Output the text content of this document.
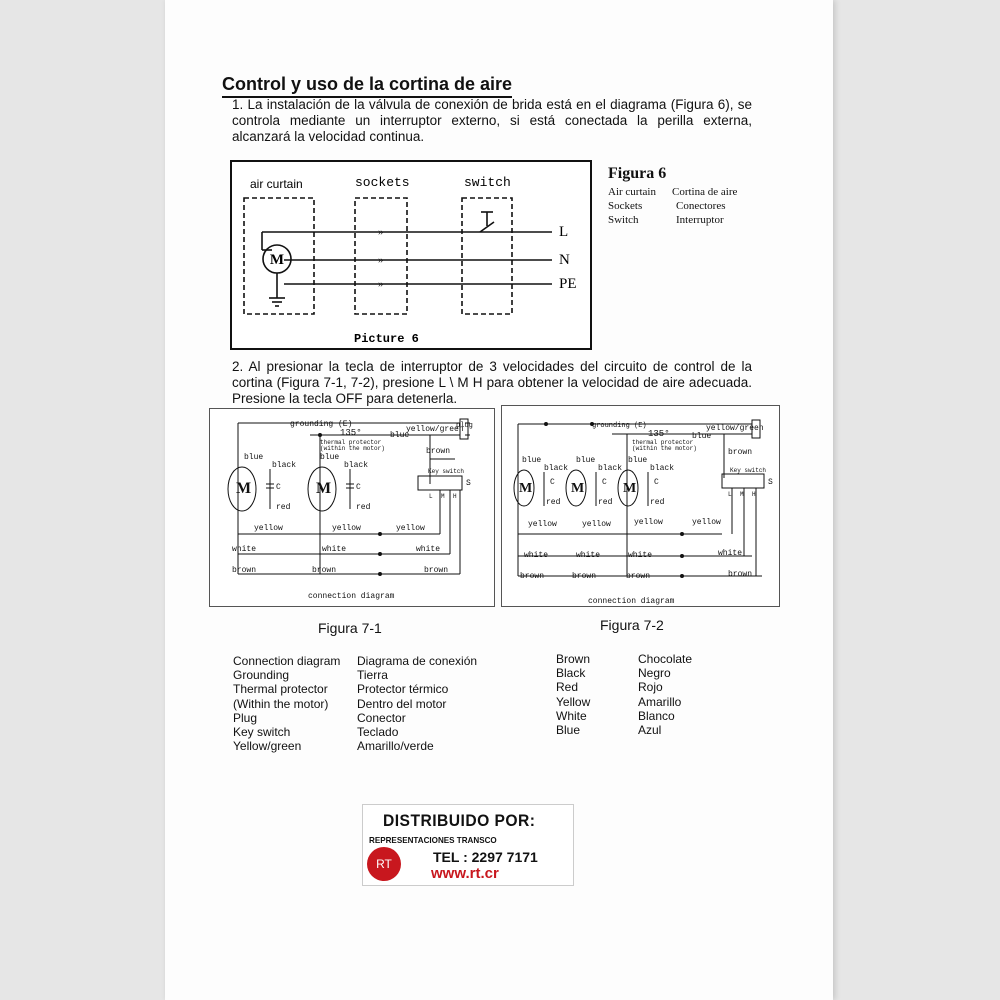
Control y uso de la cortina de aire
1. La instalación de la válvula de conexión de brida está en el diagrama (Figura 6), se controla mediante un interruptor externo, si está conectada la perilla externa, alcanzará la velocidad continua.
»
»
»
M
air curtain	sockets	switch
L
N
PE
Picture 6
Figura 6
Air curtain	Cortina de aire
Sockets	Conectores
Switch	Interruptor
2. Al presionar la tecla de interruptor de 3 velocidades del circuito de control de la cortina (Figura 7-1, 7-2), presione L \ M H para obtener la velocidad de aire adecuada. Presione la tecla OFF para detenerla.
grounding (E)
135°
thermal protector
(within the motor)
yellow/green
plug
blue
blue	blue
black	black
C	C
red	red
brown
Key switch
S
L M H
yellow	yellow	yellow
white	white	white
brown	brown	brown
connection diagram
M	M
grounding (E)
135°
thermal protector
(within the motor)
yellow/green
blue
blue	blue	blue
black	black	black
C	C	C
red	red	red
brown
Key switch
S
L M H
yellow	yellow	yellow	yellow
white	white	white	white
brown	brown	brown	brown
connection diagram
M	M	M
Figura 7-1	Figura 7-2
Connection diagram	Diagrama de conexión
Grounding	Tierra
Thermal protector	Protector térmico
(Within the motor)	Dentro del motor
Plug	Conector
Key switch	Teclado
Yellow/green	Amarillo/verde
Brown	Chocolate
Black	Negro
Red	Rojo
Yellow	Amarillo
White	Blanco
Blue	Azul
DISTRIBUIDO POR:
REPRESENTACIONES TRANSCO
RT	TEL : 2297 7171
www.rt.cr
